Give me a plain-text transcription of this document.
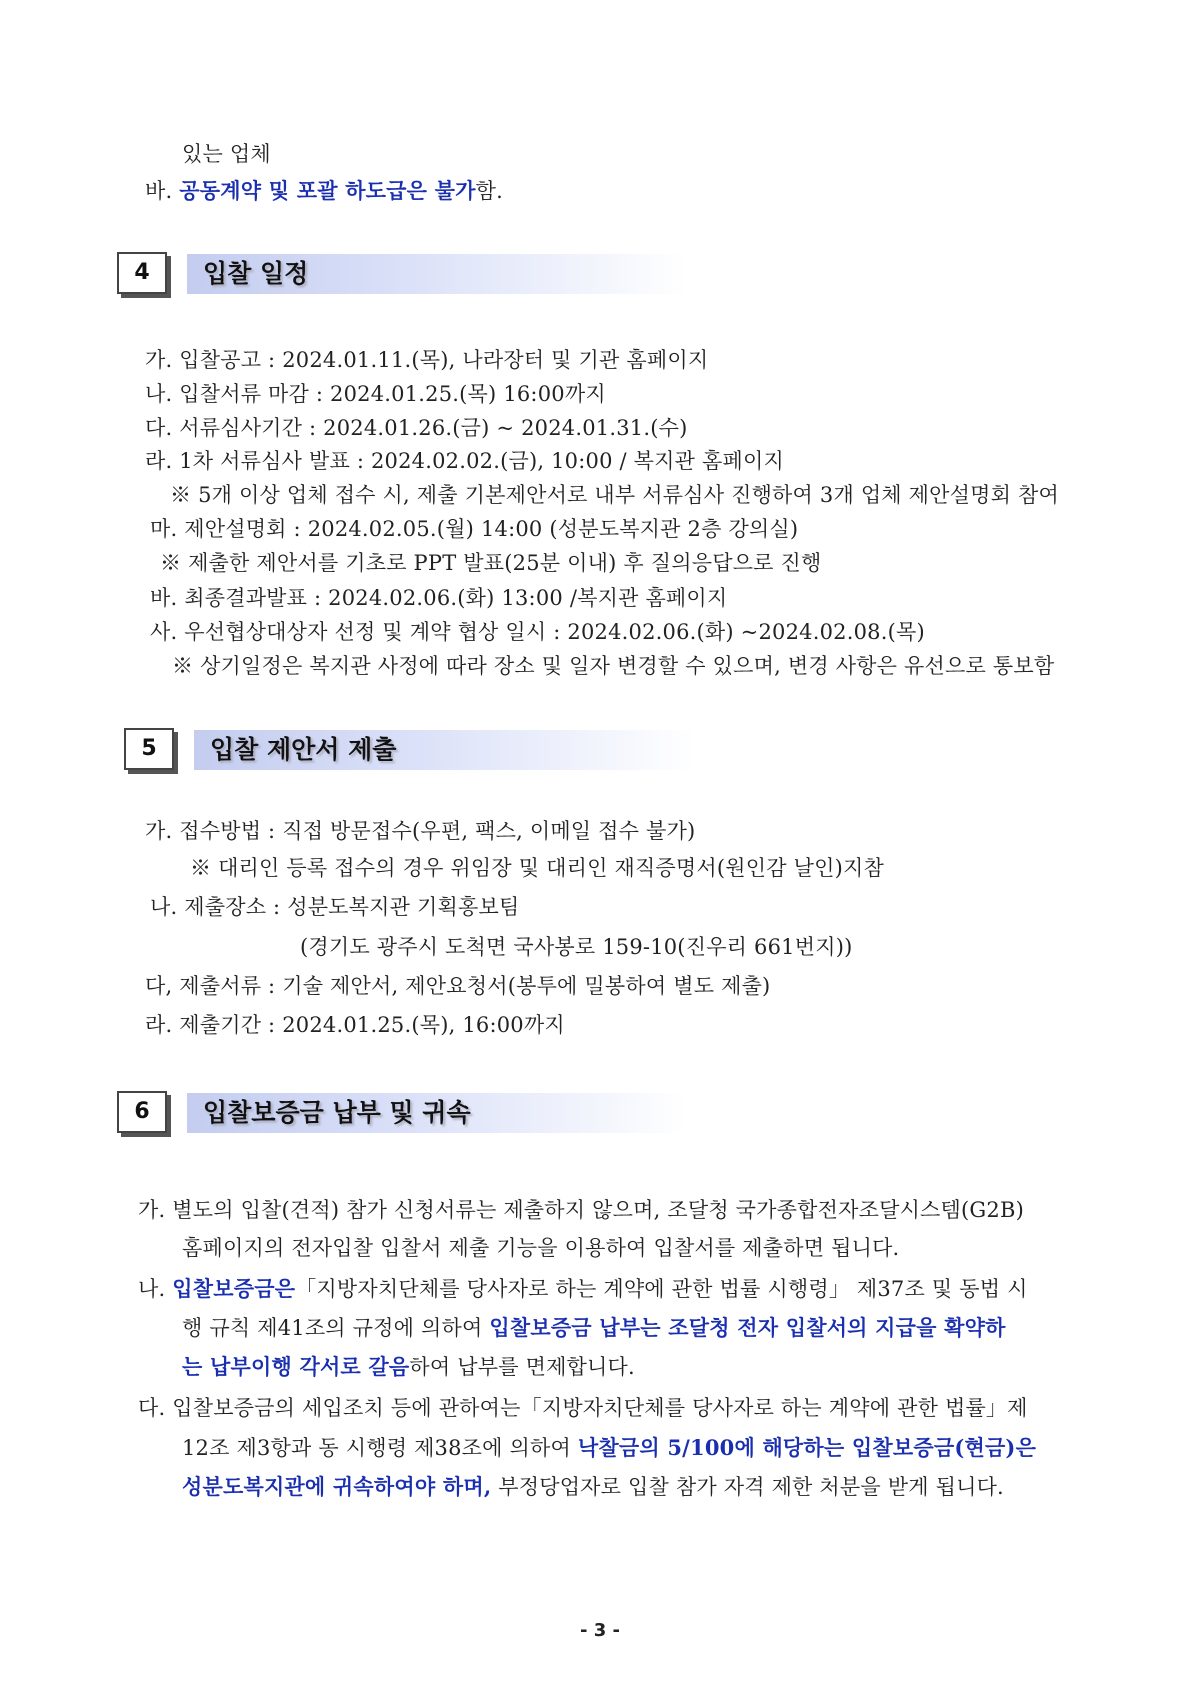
있는 업체
바. 공동계약 및 포괄 하도급은 불가함.
4	입찰 일정
가. 입찰공고 : 2024.01.11.(목), 나라장터 및 기관 홈페이지
나. 입찰서류 마감 : 2024.01.25.(목) 16:00까지
다. 서류심사기간 : 2024.01.26.(금) ~ 2024.01.31.(수)
라. 1차 서류심사 발표 : 2024.02.02.(금), 10:00 / 복지관 홈페이지
※ 5개 이상 업체 접수 시, 제출 기본제안서로 내부 서류심사 진행하여 3개 업체 제안설명회 참여
마. 제안설명회 : 2024.02.05.(월) 14:00 (성분도복지관 2층 강의실)
※ 제출한 제안서를 기초로 PPT 발표(25분 이내) 후 질의응답으로 진행
바. 최종결과발표 : 2024.02.06.(화) 13:00 /복지관 홈페이지
사. 우선협상대상자 선정 및 계약 협상 일시 : 2024.02.06.(화) ~2024.02.08.(목)
※ 상기일정은 복지관 사정에 따라 장소 및 일자 변경할 수 있으며, 변경 사항은 유선으로 통보함
5	입찰 제안서 제출
가. 접수방법 : 직접 방문접수(우편, 팩스, 이메일 접수 불가)
※ 대리인 등록 접수의 경우 위임장 및 대리인 재직증명서(원인감 날인)지참
나. 제출장소 : 성분도복지관 기획홍보팀
(경기도 광주시 도척면 국사봉로 159-10(진우리 661번지))
다, 제출서류 : 기술 제안서, 제안요청서(봉투에 밀봉하여 별도 제출)
라. 제출기간 : 2024.01.25.(목), 16:00까지
6	입찰보증금 납부 및 귀속
가. 별도의 입찰(견적) 참가 신청서류는 제출하지 않으며, 조달청 국가종합전자조달시스템(G2B)
홈페이지의 전자입찰 입찰서 제출 기능을 이용하여 입찰서를 제출하면 됩니다.
나. 입찰보증금은「지방자치단체를 당사자로 하는 계약에 관한 법률 시행령」 제37조 및 동법 시
행 규칙 제41조의 규정에 의하여 입찰보증금 납부는 조달청 전자 입찰서의 지급을 확약하
는 납부이행 각서로 갈음하여 납부를 면제합니다.
다. 입찰보증금의 세입조치 등에 관하여는「지방자치단체를 당사자로 하는 계약에 관한 법률」제
12조 제3항과 동 시행령 제38조에 의하여 낙찰금의 5/100에 해당하는 입찰보증금(현금)은
성분도복지관에 귀속하여야 하며, 부정당업자로 입찰 참가 자격 제한 처분을 받게 됩니다.
- 3 -
